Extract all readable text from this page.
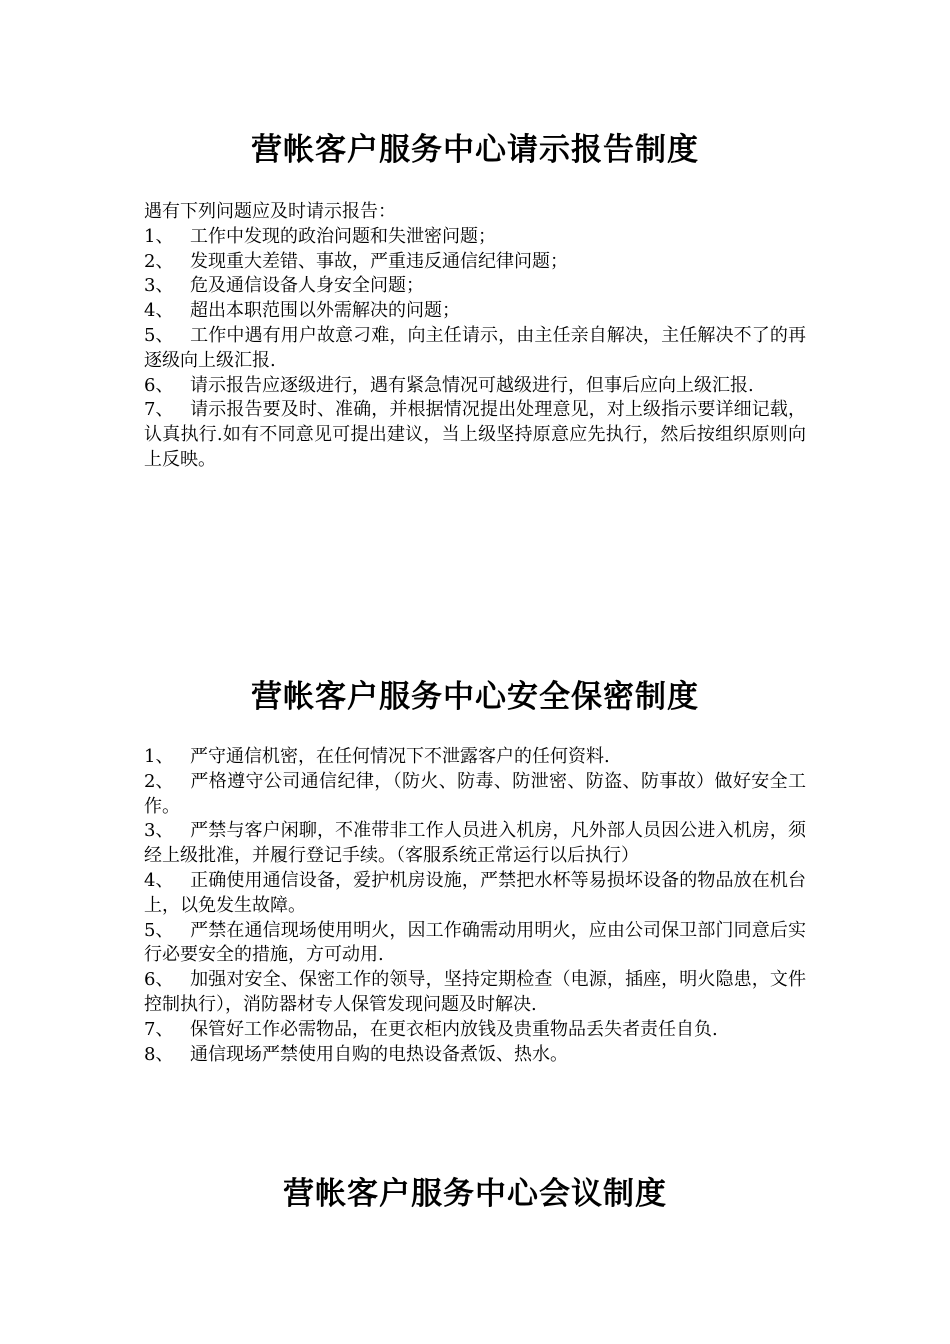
营帐客户服务中心请示报告制度

遇有下列问题应及时请示报告：

1、 工作中发现的政治问题和失泄密问题；

2、 发现重大差错、事故，严重违反通信纪律问题；

3、 危及通信设备人身安全问题；

4、 超出本职范围以外需解决的问题；

5、 工作中遇有用户故意刁难，向主任请示，由主任亲自解决，主任解决不了的再逐级向上级汇报.

6、 请示报告应逐级进行，遇有紧急情况可越级进行，但事后应向上级汇报.

7、 请示报告要及时、准确，并根据情况提出处理意见，对上级指示要详细记载，认真执行.如有不同意见可提出建议，当上级坚持原意应先执行，然后按组织原则向上反映。

营帐客户服务中心安全保密制度

1、 严守通信机密，在任何情况下不泄露客户的任何资料.

2、 严格遵守公司通信纪律，（防火、防毒、防泄密、防盗、防事故）做好安全工作。

3、 严禁与客户闲聊，不准带非工作人员进入机房，凡外部人员因公进入机房，须经上级批准，并履行登记手续。（客服系统正常运行以后执行）

4、 正确使用通信设备，爱护机房设施，严禁把水杯等易损坏设备的物品放在机台上，以免发生故障。

5、 严禁在通信现场使用明火，因工作确需动用明火，应由公司保卫部门同意后实行必要安全的措施，方可动用.

6、 加强对安全、保密工作的领导，坚持定期检查（电源，插座，明火隐患，文件控制执行），消防器材专人保管发现问题及时解决.

7、 保管好工作必需物品，在更衣柜内放钱及贵重物品丢失者责任自负.

8、 通信现场严禁使用自购的电热设备煮饭、热水。

营帐客户服务中心会议制度
